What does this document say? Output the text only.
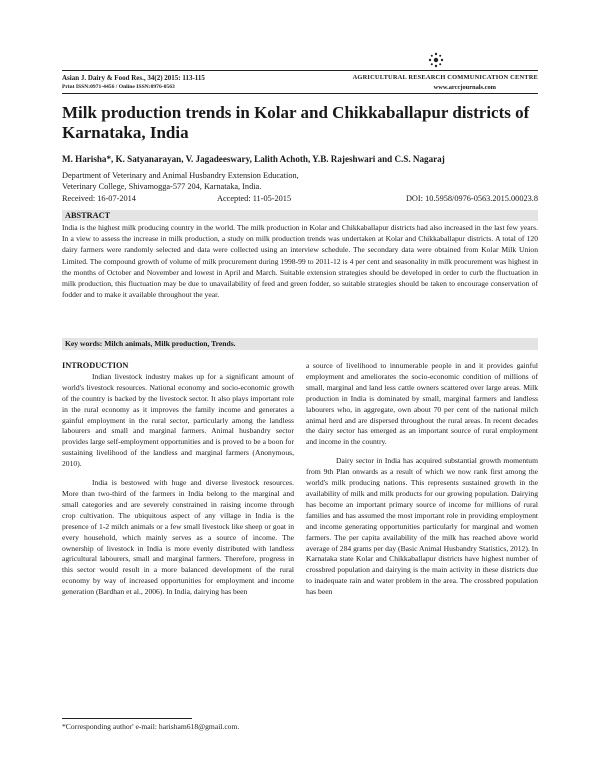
Asian J. Dairy & Food Res., 34(2) 2015: 113-115
Print ISSN:0971-4456 / Online ISSN:0976-0563
AGRICULTURAL RESEARCH COMMUNICATION CENTRE
www.arccjournals.com
Milk production trends in Kolar and Chikkaballapur districts of Karnataka, India
M. Harisha*, K. Satyanarayan, V. Jagadeeswary, Lalith Achoth, Y.B. Rajeshwari and C.S. Nagaraj
Department of Veterinary and Animal Husbandry Extension Education,
Veterinary College, Shivamogga-577 204, Karnataka, India.
Received: 16-07-2014	Accepted: 11-05-2015	DOI: 10.5958/0976-0563.2015.00023.8
ABSTRACT
India is the highest milk producing country in the world. The milk production in Kolar and Chikkaballapur districts had also increased in the last few years. In a view to assess the increase in milk production, a study on milk production trends was undertaken at Kolar and Chikkaballapur districts. A total of 120 dairy farmers were randomly selected and data were collected using an interview schedule. The secondary data were obtained from Kolar Milk Union Limited. The compound growth of volume of milk procurement during 1998-99 to 2011-12 is 4 per cent and seasonality in milk procurement was highest in the months of October and November and lowest in April and March. Suitable extension strategies should be developed in order to curb the fluctuation in milk production, this fluctuation may be due to unavailability of feed and green fodder, so suitable strategies should be taken to encourage conservation of fodder and to make it available throughout the year.
Key words: Milch animals, Milk production, Trends.

INTRODUCTION

Indian livestock industry makes up for a significant amount of world's livestock resources. National economy and socio-economic growth of the country is backed by the livestock sector. It also plays important role in the rural economy as it improves the family income and generates a gainful employment in the rural sector, particularly among the landless labourers and small and marginal farmers. Animal husbandry sector provides large self-employment opportunities and is proved to be a boon for sustaining livelihood of the landless and marginal farmers (Anonymous, 2010).

India is bestowed with huge and diverse livestock resources. More than two-third of the farmers in India belong to the marginal and small categories and are severely constrained in raising income through crop cultivation. The ubiquitous aspect of any village in India is the presence of 1-2 milch animals or a few small livestock like sheep or goat in every household, which mainly serves as a source of income. The ownership of livestock in India is more evenly distributed with landless agricultural labourers, small and marginal farmers. Therefore, progress in this sector would result in a more balanced development of the rural economy by way of increased opportunities for employment and income generation (Bardhan et al., 2006). In India, dairying has been

a source of livelihood to innumerable people in and it provides gainful employment and ameliorates the socio-economic condition of millions of small, marginal and land less cattle owners scattered over large areas. Milk production in India is dominated by small, marginal farmers and landless labourers who, in aggregate, own about 70 per cent of the national milch animal herd and are dispersed throughout the rural areas. In recent decades the dairy sector has emerged as an important source of rural employment and income in the country.

Dairy sector in India has acquired substantial growth momentum from 9th Plan onwards as a result of which we now rank first among the world's milk producing nations. This represents sustained growth in the availability of milk and milk products for our growing population. Dairying has become an important primary source of income for millions of rural families and has assumed the most important role in providing employment and income generating opportunities particularly for marginal and women farmers. The per capita availability of the milk has reached above world average of 284 grams per day (Basic Animal Husbandry Statistics, 2012). In Karnataka state Kolar and Chikkaballapur districts have highest number of crossbred population and dairying is the main activity in these districts due to inadequate rain and water problem in the area. The crossbred population has been

*Corresponding author' e-mail: harisham618@gmail.com.
